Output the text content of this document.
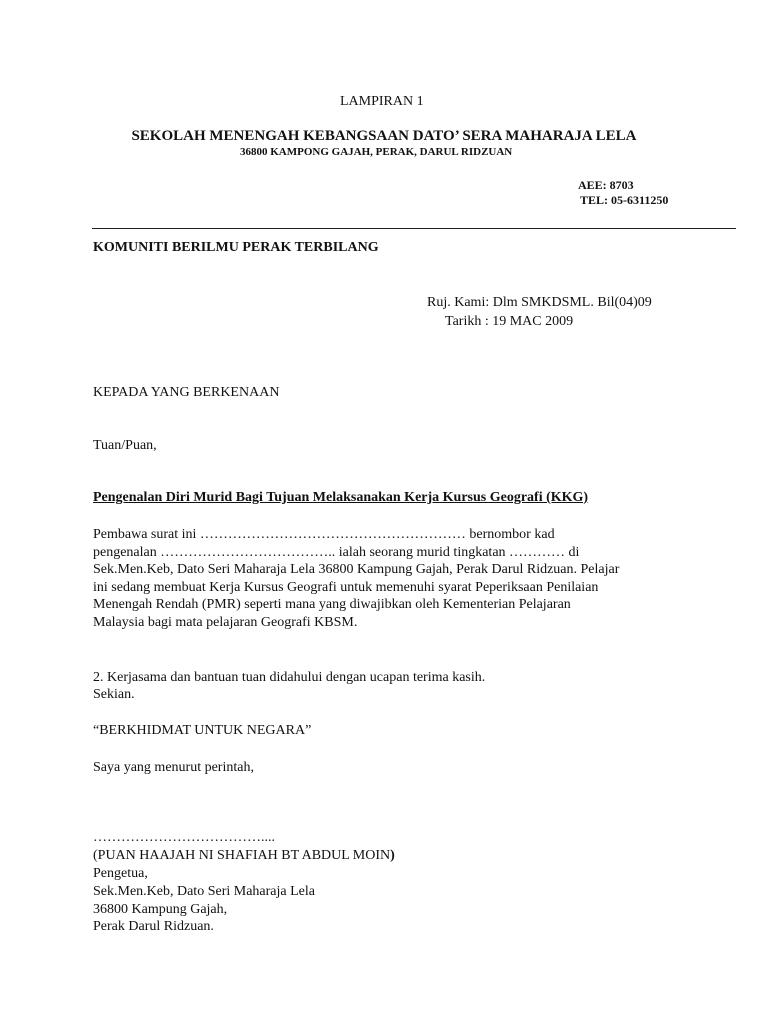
LAMPIRAN 1

SEKOLAH MENENGAH KEBANGSAAN DATO’ SERA MAHARAJA LELA

36800 KAMPONG GAJAH, PERAK, DARUL RIDZUAN

AEE: 8703

TEL: 05-6311250

KOMUNITI BERILMU PERAK TERBILANG

Ruj. Kami: Dlm SMKDSML. Bil(04)09

Tarikh : 19 MAC 2009

KEPADA YANG BERKENAAN

Tuan/Puan,

Pengenalan Diri Murid Bagi Tujuan Melaksanakan Kerja Kursus Geografi (KKG)

Pembawa surat ini ………………………………………………… bernombor kad
pengenalan ……………………………….. ialah seorang murid tingkatan ………… di
Sek.Men.Keb, Dato Seri Maharaja Lela 36800 Kampung Gajah, Perak Darul Ridzuan. Pelajar
ini sedang membuat Kerja Kursus Geografi untuk memenuhi syarat Peperiksaan Penilaian
Menengah Rendah (PMR) seperti mana yang diwajibkan oleh Kementerian Pelajaran
Malaysia bagi mata pelajaran Geografi KBSM.

2. Kerjasama dan bantuan tuan didahului dengan ucapan terima kasih.

Sekian.

“BERKHIDMAT UNTUK NEGARA”

Saya yang menurut perintah,

………………………………....

(PUAN HAAJAH NI SHAFIAH BT ABDUL MOIN)

Pengetua,

Sek.Men.Keb, Dato Seri Maharaja Lela

36800 Kampung Gajah,

Perak Darul Ridzuan.
